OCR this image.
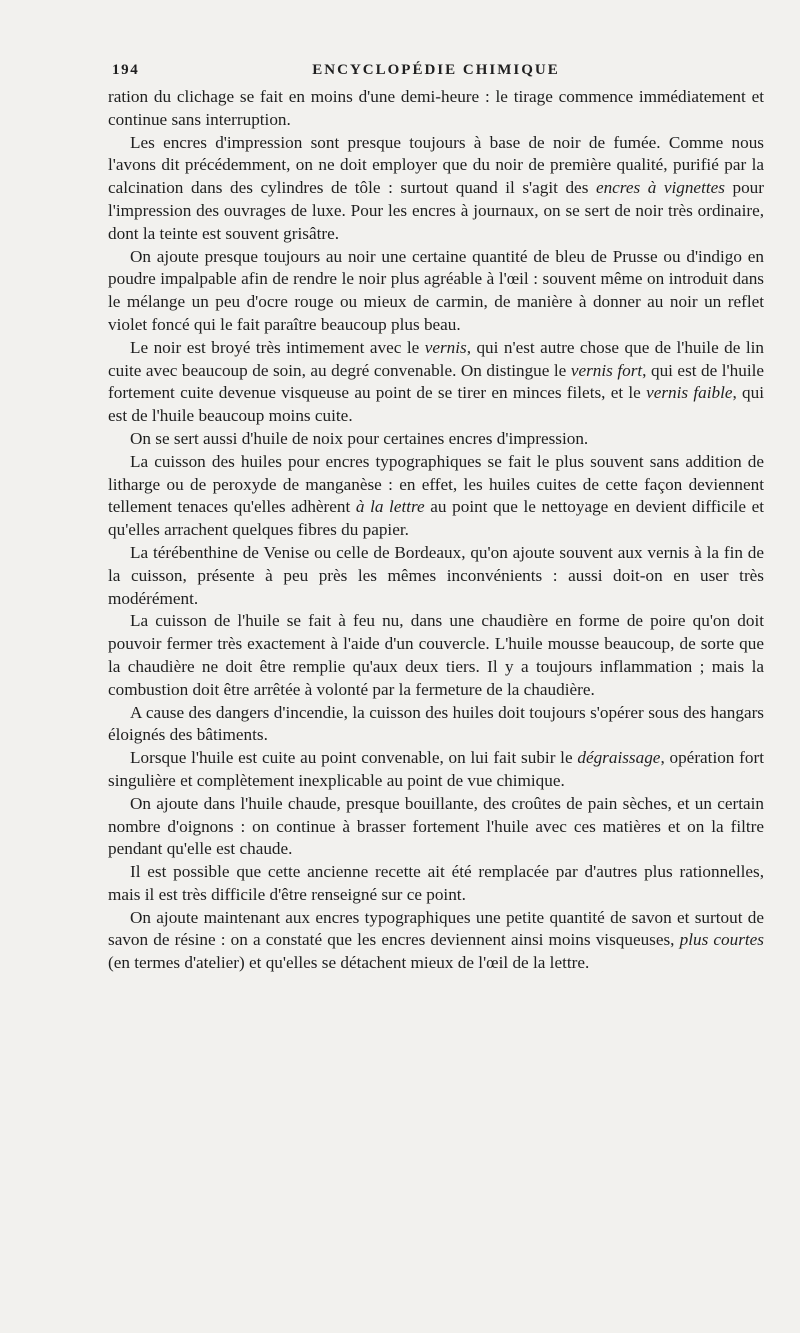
194	ENCYCLOPÉDIE CHIMIQUE

ration du clichage se fait en moins d'une demi-heure : le tirage commence immédiatement et continue sans interruption.

Les encres d'impression sont presque toujours à base de noir de fumée. Comme nous l'avons dit précédemment, on ne doit employer que du noir de première qualité, purifié par la calcination dans des cylindres de tôle : surtout quand il s'agit des encres à vignettes pour l'impression des ouvrages de luxe. Pour les encres à journaux, on se sert de noir très ordinaire, dont la teinte est souvent grisâtre.

On ajoute presque toujours au noir une certaine quantité de bleu de Prusse ou d'indigo en poudre impalpable afin de rendre le noir plus agréable à l'œil : souvent même on introduit dans le mélange un peu d'ocre rouge ou mieux de carmin, de manière à donner au noir un reflet violet foncé qui le fait paraître beaucoup plus beau.

Le noir est broyé très intimement avec le vernis, qui n'est autre chose que de l'huile de lin cuite avec beaucoup de soin, au degré convenable. On distingue le vernis fort, qui est de l'huile fortement cuite devenue visqueuse au point de se tirer en minces filets, et le vernis faible, qui est de l'huile beaucoup moins cuite.

On se sert aussi d'huile de noix pour certaines encres d'impression.

La cuisson des huiles pour encres typographiques se fait le plus souvent sans addition de litharge ou de peroxyde de manganèse : en effet, les huiles cuites de cette façon deviennent tellement tenaces qu'elles adhèrent à la lettre au point que le nettoyage en devient difficile et qu'elles arrachent quelques fibres du papier.

La térébenthine de Venise ou celle de Bordeaux, qu'on ajoute souvent aux vernis à la fin de la cuisson, présente à peu près les mêmes inconvénients : aussi doit-on en user très modérément.

La cuisson de l'huile se fait à feu nu, dans une chaudière en forme de poire qu'on doit pouvoir fermer très exactement à l'aide d'un couvercle. L'huile mousse beaucoup, de sorte que la chaudière ne doit être remplie qu'aux deux tiers. Il y a toujours inflammation ; mais la combustion doit être arrêtée à volonté par la fermeture de la chaudière.

A cause des dangers d'incendie, la cuisson des huiles doit toujours s'opérer sous des hangars éloignés des bâtiments.

Lorsque l'huile est cuite au point convenable, on lui fait subir le dégraissage, opération fort singulière et complètement inexplicable au point de vue chimique.

On ajoute dans l'huile chaude, presque bouillante, des croûtes de pain sèches, et un certain nombre d'oignons : on continue à brasser fortement l'huile avec ces matières et on la filtre pendant qu'elle est chaude.

Il est possible que cette ancienne recette ait été remplacée par d'autres plus rationnelles, mais il est très difficile d'être renseigné sur ce point.

On ajoute maintenant aux encres typographiques une petite quantité de savon et surtout de savon de résine : on a constaté que les encres deviennent ainsi moins visqueuses, plus courtes (en termes d'atelier) et qu'elles se détachent mieux de l'œil de la lettre.
